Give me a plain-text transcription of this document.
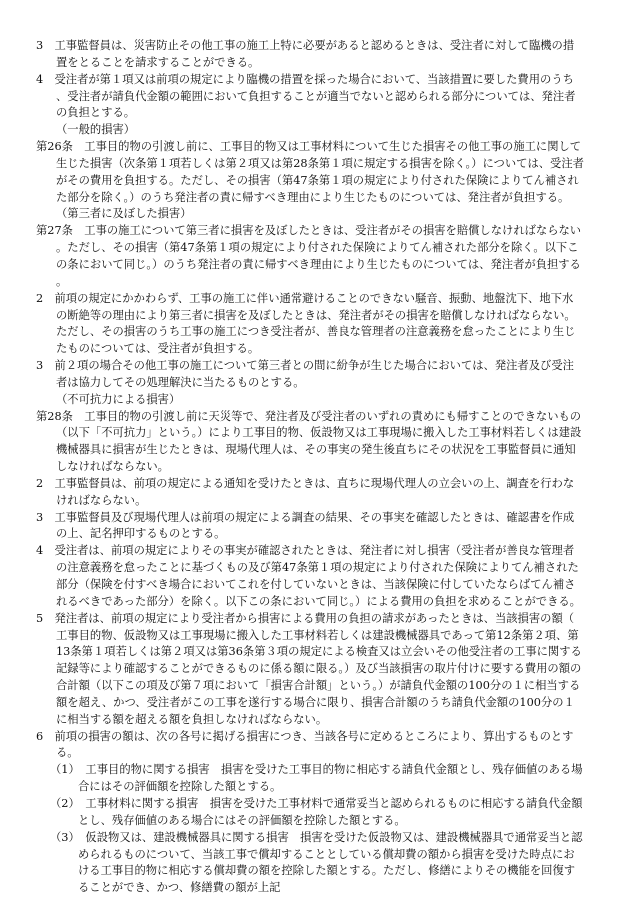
3　工事監督員は、災害防止その他工事の施工上特に必要があると認めるときは、受注者に対して臨機の措置をとることを請求することができる。

4　受注者が第１項又は前項の規定により臨機の措置を採った場合において、当該措置に要した費用のうち、受注者が請負代金額の範囲において負担することが適当でないと認められる部分については、発注者の負担とする。

（一般的損害）

第26条　工事目的物の引渡し前に、工事目的物又は工事材料について生じた損害その他工事の施工に関して生じた損害（次条第１項若しくは第２項又は第28条第１項に規定する損害を除く。）については、受注者がその費用を負担する。ただし、その損害（第47条第１項の規定により付された保険によりてん補された部分を除く。）のうち発注者の責に帰すべき理由により生じたものについては、発注者が負担する。

（第三者に及ぼした損害）

第27条　工事の施工について第三者に損害を及ぼしたときは、受注者がその損害を賠償しなければならない。ただし、その損害（第47条第１項の規定により付された保険によりてん補された部分を除く。以下この条において同じ。）のうち発注者の責に帰すべき理由により生じたものについては、発注者が負担する。

2　前項の規定にかかわらず、工事の施工に伴い通常避けることのできない騒音、振動、地盤沈下、地下水の断絶等の理由により第三者に損害を及ぼしたときは、発注者がその損害を賠償しなければならない。ただし、その損害のうち工事の施工につき受注者が、善良な管理者の注意義務を怠ったことにより生じたものについては、受注者が負担する。

3　前２項の場合その他工事の施工について第三者との間に紛争が生じた場合においては、発注者及び受注者は協力してその処理解決に当たるものとする。

（不可抗力による損害）

第28条　工事目的物の引渡し前に天災等で、発注者及び受注者のいずれの責めにも帰すことのできないもの（以下「不可抗力」という。）により工事目的物、仮設物又は工事現場に搬入した工事材料若しくは建設機械器具に損害が生じたときは、現場代理人は、その事実の発生後直ちにその状況を工事監督員に通知しなければならない。

2　工事監督員は、前項の規定による通知を受けたときは、直ちに現場代理人の立会いの上、調査を行わなければならない。

3　工事監督員及び現場代理人は前項の規定による調査の結果、その事実を確認したときは、確認書を作成の上、記名押印するものとする。

4　受注者は、前項の規定によりその事実が確認されたときは、発注者に対し損害（受注者が善良な管理者の注意義務を怠ったことに基づくもの及び第47条第１項の規定により付された保険によりてん補された部分（保険を付すべき場合においてこれを付していないときは、当該保険に付していたならばてん補されるべきであった部分）を除く。以下この条において同じ。）による費用の負担を求めることができる。

5　発注者は、前項の規定により受注者から損害による費用の負担の請求があったときは、当該損害の額（工事目的物、仮設物又は工事現場に搬入した工事材料若しくは建設機械器具であって第12条第２項、第13条第１項若しくは第２項又は第36条第３項の規定による検査又は立会いその他受注者の工事に関する記録等により確認することができるものに係る額に限る。）及び当該損害の取片付けに要する費用の額の合計額（以下この項及び第７項において「損害合計額」という。）が請負代金額の100分の１に相当する額を超え、かつ、受注者がこの工事を遂行する場合に限り、損害合計額のうち請負代金額の100分の１に相当する額を超える額を負担しなければならない。

6　前項の損害の額は、次の各号に掲げる損害につき、当該各号に定めるところにより、算出するものとする。

（1）　工事目的物に関する損害　損害を受けた工事目的物に相応する請負代金額とし、残存価値のある場合にはその評価額を控除した額とする。

（2）　工事材料に関する損害　損害を受けた工事材料で通常妥当と認められるものに相応する請負代金額とし、残存価値のある場合にはその評価額を控除した額とする。

（3）　仮設物又は、建設機械器具に関する損害　損害を受けた仮設物又は、建設機械器具で通常妥当と認められるものについて、当該工事で償却することとしている償却費の額から損害を受けた時点における工事目的物に相応する償却費の額を控除した額とする。ただし、修繕によりその機能を回復することができ、かつ、修繕費の額が上記
